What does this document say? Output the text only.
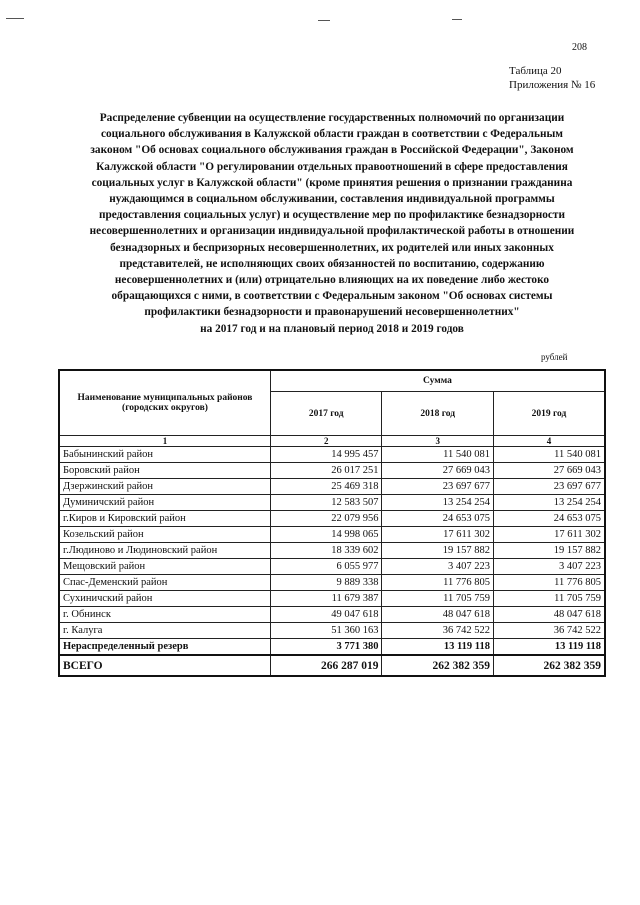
208
Таблица 20
Приложения № 16
Распределение субвенции на осуществление государственных полномочий по организации
социального обслуживания в Калужской области граждан в соответствии с Федеральным
законом "Об основах социального обслуживания граждан в Российской Федерации", Законом
Калужской области "О регулировании отдельных правоотношений в сфере предоставления
социальных услуг в Калужской области" (кроме принятия решения о признании гражданина
нуждающимся в социальном обслуживании, составления индивидуальной программы
предоставления социальных услуг) и осуществление мер по профилактике безнадзорности
несовершеннолетних и организации индивидуальной профилактической работы в отношении
безнадзорных и беспризорных несовершеннолетних, их родителей или иных законных
представителей, не исполняющих своих обязанностей по воспитанию, содержанию
несовершеннолетних и (или) отрицательно влияющих на их поведение либо жестоко
обращающихся с ними, в соответствии с Федеральным законом "Об основах системы
профилактики безнадзорности и правонарушений несовершеннолетних"
на 2017 год и на плановый период 2018 и 2019 годов
рублей
Наименование муниципальных районов (городских округов)	Сумма		
	2017 год	2018 год	2019 год
1	2	3	4
Бабынинский район	14 995 457	11 540 081	11 540 081
Боровский район	26 017 251	27 669 043	27 669 043
Дзержинский район	25 469 318	23 697 677	23 697 677
Думиничский район	12 583 507	13 254 254	13 254 254
г.Киров и Кировский район	22 079 956	24 653 075	24 653 075
Козельский район	14 998 065	17 611 302	17 611 302
г.Людиново и Людиновский район	18 339 602	19 157 882	19 157 882
Мещовский район	6 055 977	3 407 223	3 407 223
Спас-Деменский район	9 889 338	11 776 805	11 776 805
Сухиничский район	11 679 387	11 705 759	11 705 759
г. Обнинск	49 047 618	48 047 618	48 047 618
г. Калуга	51 360 163	36 742 522	36 742 522
Нераспределенный резерв	3 771 380	13 119 118	13 119 118
ВСЕГО	266 287 019	262 382 359	262 382 359
